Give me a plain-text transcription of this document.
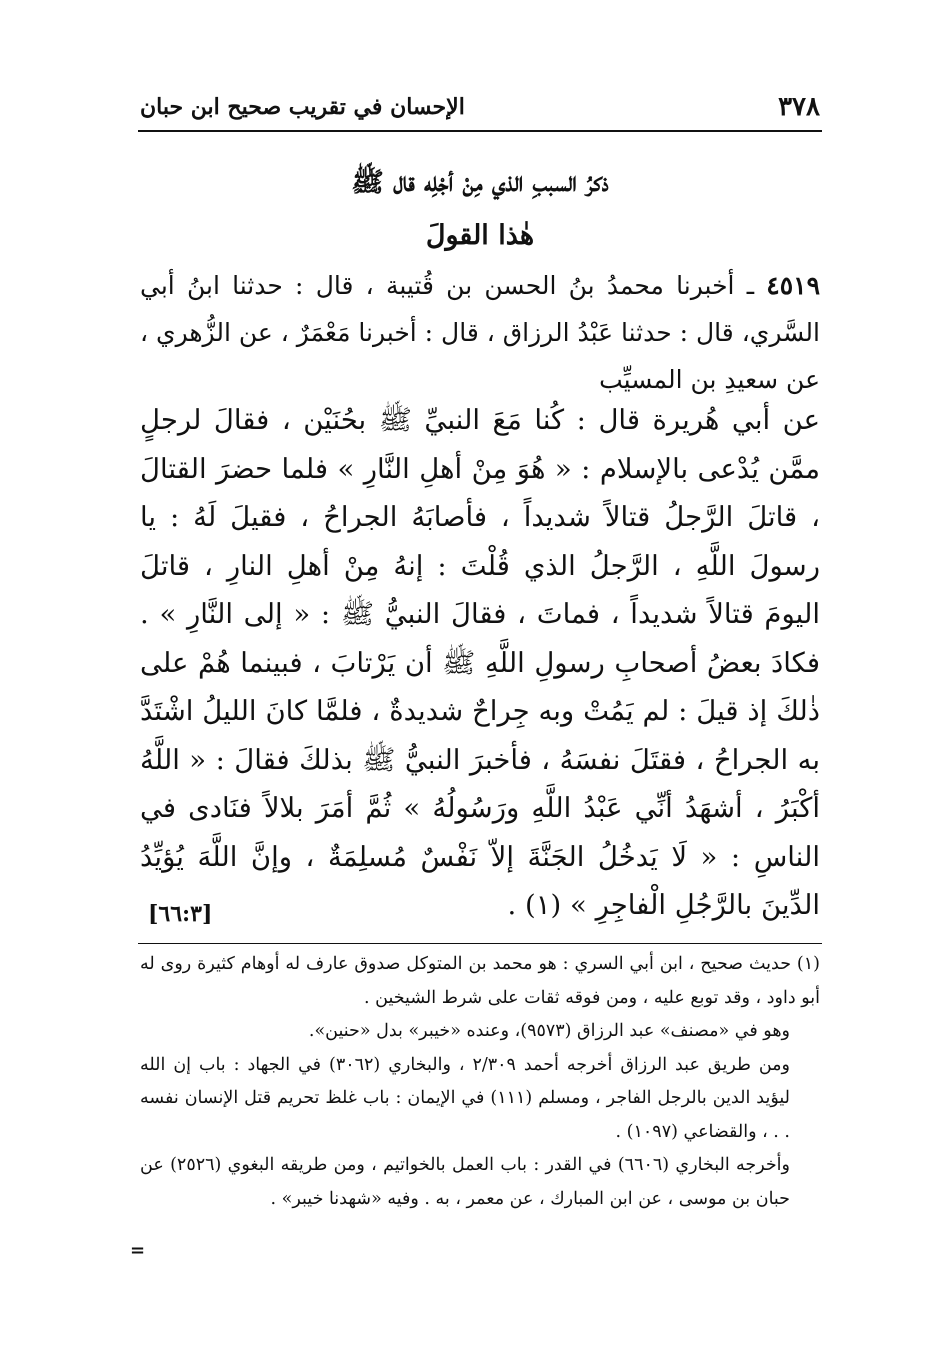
٣٧٨
الإحسان في تقريب صحيح ابن حبان
ذكرُ السببِ الذي مِنْ أجْلِه قال ﷺ
هٰذا القولَ
٤٥١٩ ـ أخبرنا محمدُ بنُ الحسن بن قُتيبة ، قال : حدثنا ابنُ أبي السَّري، قال : حدثنا عَبْدُ الرزاق ، قال : أخبرنا مَعْمَرٌ ، عن الزُّهري ، عن سعيدِ بن المسيِّب
عن أبي هُريرة قال : كُنا مَعَ النبيِّ ﷺ بحُنَيْن ، فقالَ لرجلٍ ممَّن يُدْعى بالإسلام : « هُوَ مِنْ أهلِ النَّارِ » فلما حضرَ القتالَ ، قاتلَ الرَّجلُ قتالاً شديداً ، فأصابَهُ الجراحُ ، فقيلَ لَهُ : يا رسولَ اللَّهِ ، الرَّجلُ الذي قُلْتَ : إنهُ مِنْ أهلِ النارِ ، قاتلَ اليومَ قتالاً شديداً ، فماتَ ، فقالَ النبيُّ ﷺ : « إلى النَّارِ » . فكادَ بعضُ أصحابِ رسولِ اللَّهِ ﷺ أن يَرْتابَ ، فبينما هُمْ على ذٰلكَ إذ قيلَ : لم يَمُتْ وبه جِراحٌ شديدةٌ ، فلمَّا كانَ الليلُ اشْتَدَّ به الجراحُ ، فقتَلَ نفسَهُ ، فأخبرَ النبيُّ ﷺ بذلكَ فقالَ : « اللَّهُ أكْبَرُ ، أشهَدُ أنِّي عَبْدُ اللَّهِ ورَسُولُهُ » ثُمَّ أمَرَ بلالاً فنَادى في الناسِ : « لَا يَدخُلُ الجَنَّةَ إلاّ نَفْسٌ مُسلِمَةٌ ، وإنَّ اللَّهَ يُؤيِّدُ الدِّينَ بالرَّجُلِ الْفاجِرِ » (١) .
[٦٦:٣]

(١) حديث صحيح ، ابن أبي السري : هو محمد بن المتوكل صدوق عارف له أوهام كثيرة روى له أبو داود ، وقد توبع عليه ، ومن فوقه ثقات على شرط الشيخين .

وهو في «مصنف» عبد الرزاق (٩٥٧٣)، وعنده «خيبر» بدل «حنين».

ومن طريق عبد الرزاق أخرجه أحمد ٢/٣٠٩ ، والبخاري (٣٠٦٢) في الجهاد : باب إن الله ليؤيد الدين بالرجل الفاجر ، ومسلم (١١١) في الإيمان : باب غلظ تحريم قتل الإنسان نفسه . . ، والقضاعي (١٠٩٧) .

وأخرجه البخاري (٦٦٠٦) في القدر : باب العمل بالخواتيم ، ومن طريقه البغوي (٢٥٢٦) عن حبان بن موسى ، عن ابن المبارك ، عن معمر ، به . وفيه «شهدنا خيبر» .

=
